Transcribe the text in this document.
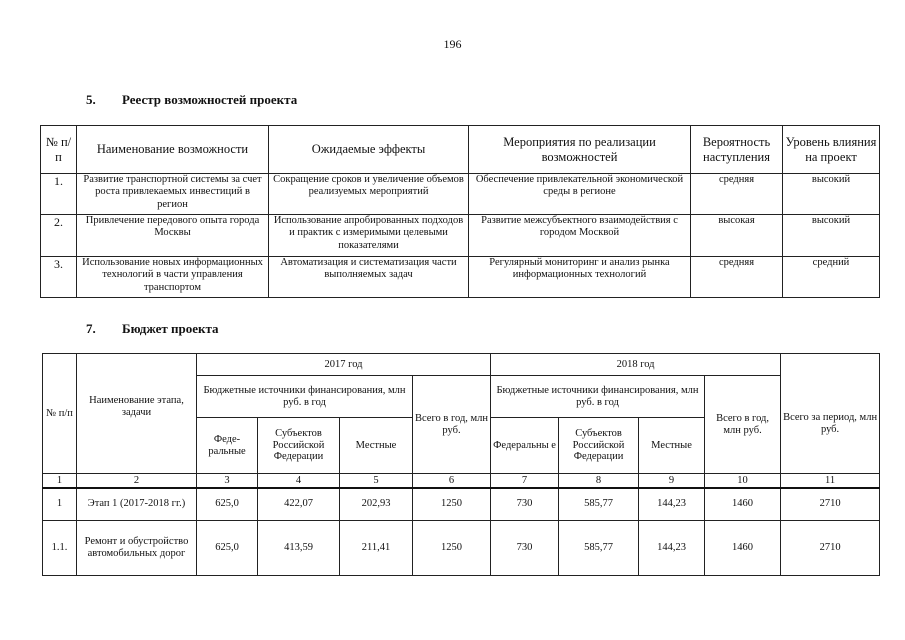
196
5. Реестр возможностей проекта
№ п/п	Наименование возможности	Ожидаемые эффекты	Мероприятия по реализации возможностей	Вероятность наступления	Уровень влияния на проект
1.	Развитие транспортной системы за счет роста привлекаемых инвестиций в регион	Сокращение сроков и увеличение объемов реализуемых мероприятий	Обеспечение привлекательной экономической среды в регионе	средняя	высокий
2.	Привлечение передового опыта города Москвы	Использование апробированных подходов и практик с измеримыми целевыми показателями	Развитие межсубъектного взаимодействия с городом Москвой	высокая	высокий
3.	Использование новых информационных технологий в части управления транспортом	Автоматизация и систематизация части выполняемых задач	Регулярный мониторинг и анализ рынка информационных технологий	средняя	средний
7. Бюджет проекта
№ п/п	Наименование этапа, задачи	2017 год				2018 год				Всего за период, млн руб.
		Бюджетные источники финансирования, млн руб. в год			Всего в год, млн руб.	Бюджетные источники финансирования, млн руб. в год			Всего в год, млн руб.	
		Феде-ральные	Субъектов Российской Федерации	Местные		Федеральны е	Субъектов Российской Федерации	Местные		
1	2	3	4	5	6	7	8	9	10	11
1	Этап 1 (2017-2018 гг.)	625,0	422,07	202,93	1250	730	585,77	144,23	1460	2710
1.1.	Ремонт и обустройство автомобильных дорог	625,0	413,59	211,41	1250	730	585,77	144,23	1460	2710
